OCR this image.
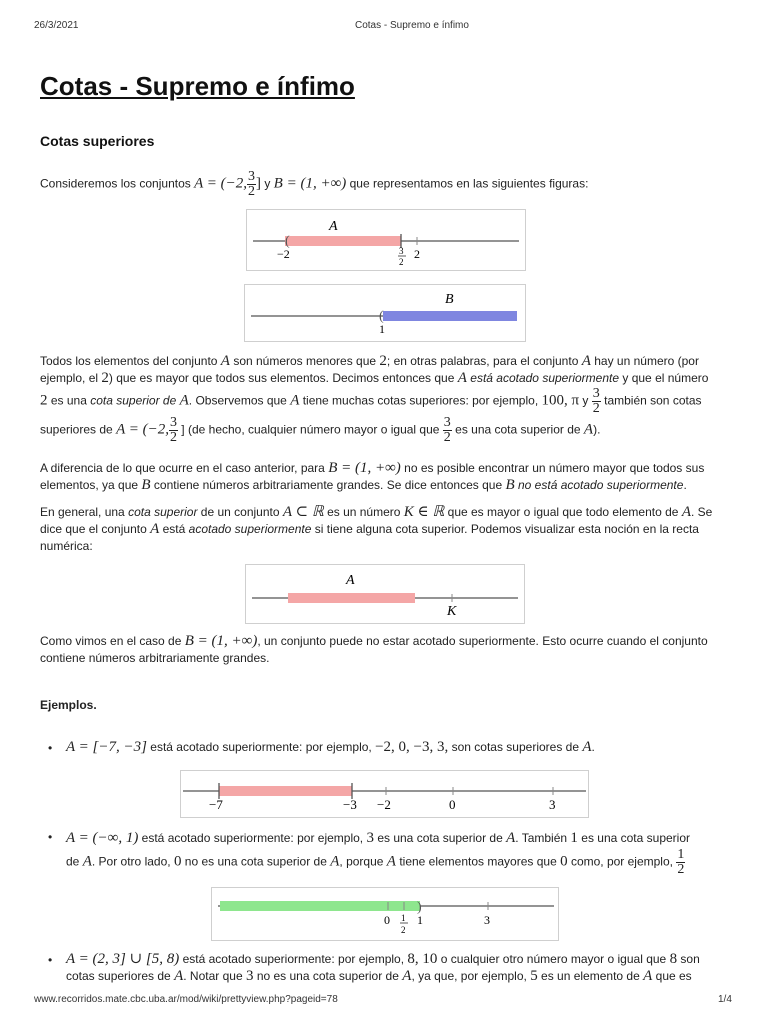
26/3/2021	Cotas - Supremo e ínfimo
Cotas - Supremo e ínfimo
Cotas superiores
Consideremos los conjuntos A = (−2, $\frac{3}{2}$ ] y B = (1, +∞) que representamos en las siguientes figuras:
(
A
−2	3
2
2
(
B
1
Todos los elementos del conjunto A son números menores que 2; en otras palabras, para el conjunto A hay un número (por
ejemplo, el 2) que es mayor que todos sus elementos. Decimos entonces que A está acotado superiormente y que el número
2 es una cota superior de A. Observemos que A tiene muchas cotas superiores: por ejemplo, 100, π y $\frac{3}{2}$ también son cotas
superiores de A = (−2, $\frac{3}{2}$ ] (de hecho, cualquier número mayor o igual que $\frac{3}{2}$ es una cota superior de A).
A diferencia de lo que ocurre en el caso anterior, para B = (1, +∞) no es posible encontrar un número mayor que todos sus
elementos, ya que B contiene números arbitrariamente grandes. Se dice entonces que B no está acotado superiormente.
En general, una cota superior de un conjunto A ⊂ ℝ es un número K ∈ ℝ que es mayor o igual que todo elemento de A. Se
dice que el conjunto A está acotado superiormente si tiene alguna cota superior. Podemos visualizar esta noción en la recta
numérica:
A
K
Como vimos en el caso de B = (1, +∞), un conjunto puede no estar acotado superiormente. Esto ocurre cuando el conjunto
contiene números arbitrariamente grandes.
Ejemplos.
• A = [−7, −3] está acotado superiormente: por ejemplo, −2, 0, −3, 3, son cotas superiores de A.
−7	−3 −2	0	3
• A = (−∞, 1) está acotado superiormente: por ejemplo, 3 es una cota superior de A. También 1 es una cota superior
de A. Por otro lado, 0 no es una cota superior de A, porque A tiene elementos mayores que 0 como, por ejemplo, $\frac{1}{2}$
)
0 1
2
1	3
• A = (2, 3] ∪ [5, 8) está acotado superiormente: por ejemplo, 8, 10 o cualquier otro número mayor o igual que 8 son
cotas superiores de A. Notar que 3 no es una cota superior de A, ya que, por ejemplo, 5 es un elemento de A que es
www.recorridos.mate.cbc.uba.ar/mod/wiki/prettyview.php?pageid=78	1/4
